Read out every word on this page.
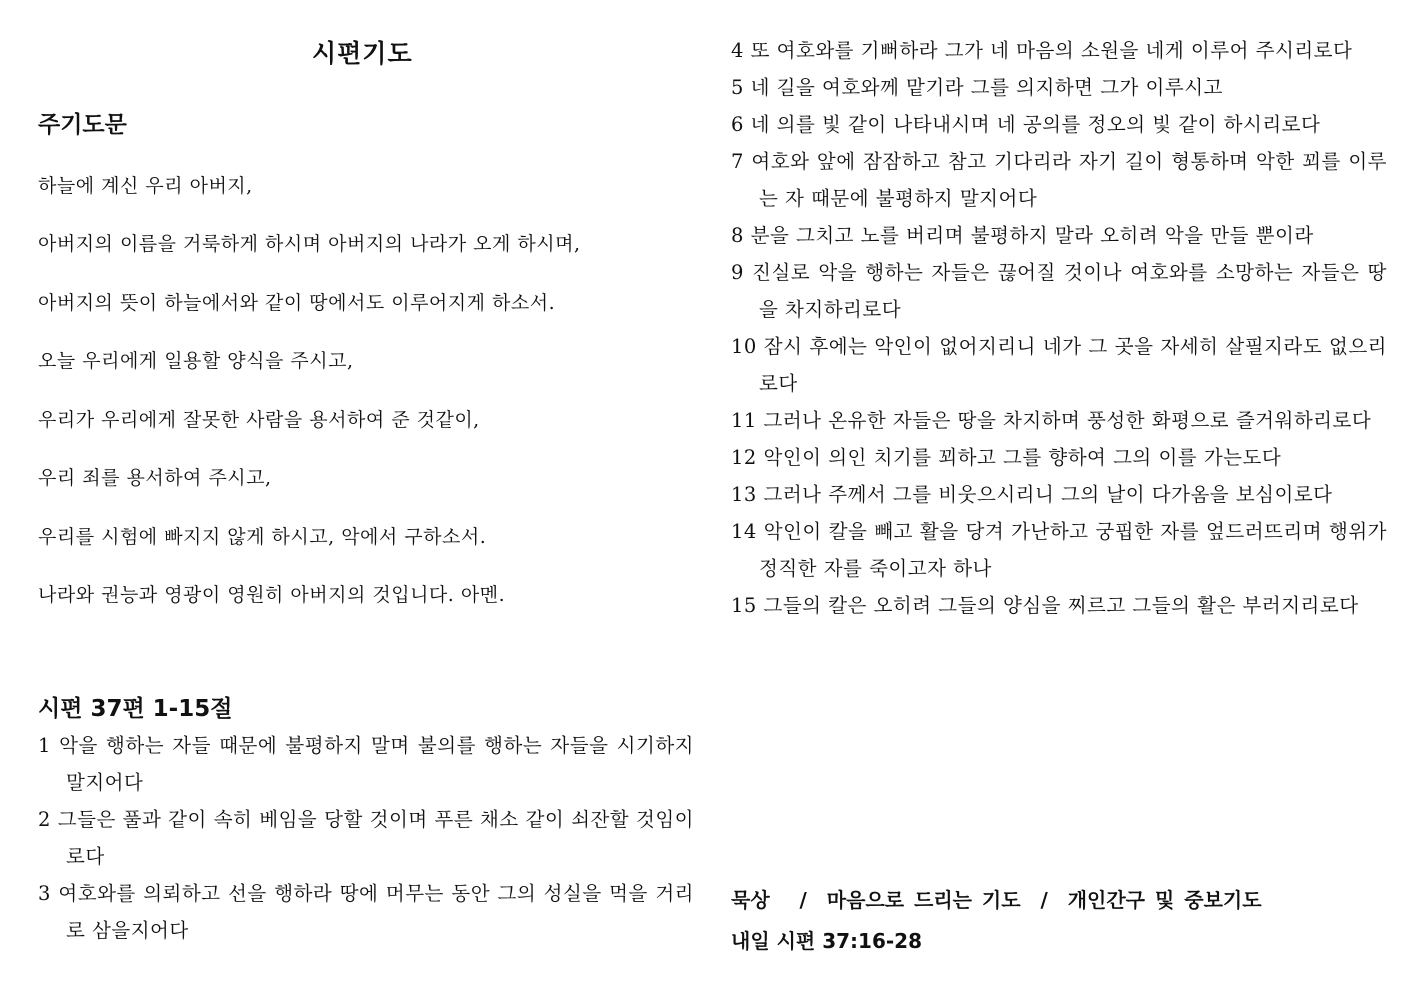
시편기도
주기도문
하늘에 계신 우리 아버지,
아버지의 이름을 거룩하게 하시며 아버지의 나라가 오게 하시며,
아버지의 뜻이 하늘에서와 같이 땅에서도 이루어지게 하소서.
오늘 우리에게 일용할 양식을 주시고,
우리가 우리에게 잘못한 사람을 용서하여 준 것같이,
우리 죄를 용서하여 주시고,
우리를 시험에 빠지지 않게 하시고, 악에서 구하소서.
나라와 권능과 영광이 영원히 아버지의 것입니다. 아멘.
시편 37편 1-15절
1 악을 행하는 자들 때문에 불평하지 말며 불의를 행하는 자들을 시기하지 말지어다
2 그들은 풀과 같이 속히 베임을 당할 것이며 푸른 채소 같이 쇠잔할 것임이로다
3 여호와를 의뢰하고 선을 행하라 땅에 머무는 동안 그의 성실을 먹을 거리로 삼을지어다
4 또 여호와를 기뻐하라 그가 네 마음의 소원을 네게 이루어 주시리로다
5 네 길을 여호와께 맡기라 그를 의지하면 그가 이루시고
6 네 의를 빛 같이 나타내시며 네 공의를 정오의 빛 같이 하시리로다
7 여호와 앞에 잠잠하고 참고 기다리라 자기 길이 형통하며 악한 꾀를 이루는 자 때문에 불평하지 말지어다
8 분을 그치고 노를 버리며 불평하지 말라 오히려 악을 만들 뿐이라
9 진실로 악을 행하는 자들은 끊어질 것이나 여호와를 소망하는 자들은 땅을 차지하리로다
10 잠시 후에는 악인이 없어지리니 네가 그 곳을 자세히 살필지라도 없으리로다
11 그러나 온유한 자들은 땅을 차지하며 풍성한 화평으로 즐거워하리로다
12 악인이 의인 치기를 꾀하고 그를 향하여 그의 이를 가는도다
13 그러나 주께서 그를 비웃으시리니 그의 날이 다가옴을 보심이로다
14 악인이 칼을 빼고 활을 당겨 가난하고 궁핍한 자를 엎드러뜨리며 행위가 정직한 자를 죽이고자 하나
15 그들의 칼은 오히려 그들의 양심을 찌르고 그들의 활은 부러지리로다
묵상   /  마음으로 드리는 기도  /  개인간구 및 중보기도
내일 시편 37:16-28
